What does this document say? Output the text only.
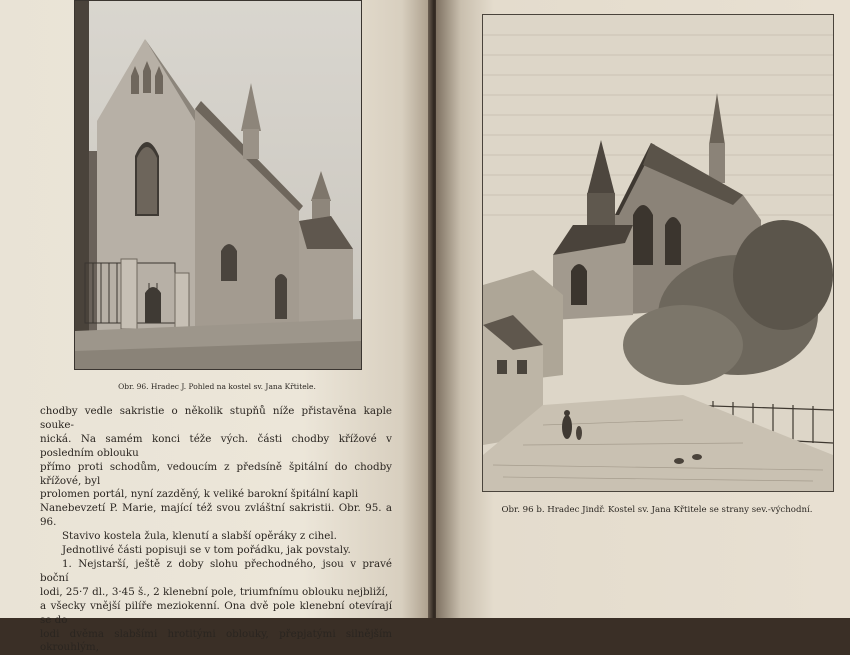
Obr. 96. Hradec J. Pohled na kostel sv. Jana Křtitele.

chodby vedle sakristie o několik stupňů níže přistavěna kaple souke-
nická. Na samém konci téže vých. části chodby křížové v posledním oblouku
přímo proti schodům, vedoucím z předsíně špitální do chodby křížové, byl
prolomen portál, nyní zazděný, k veliké barokní špitální kapli
Nanebevzetí P. Marie, mající též svou zvláštní sakristii. Obr. 95. a 96.

Stavivo kostela žula, klenutí a slabší opěráky z cihel.

Jednotlivé části popisuji se v tom pořádku, jak povstaly.

1. Nejstarší, ještě z doby slohu přechodného, jsou v pravé boční
lodi, 25·7 dl., 3·45 š., 2 klenební pole, triumfnímu oblouku nejbliží,
a všecky vnější pilíře meziokenní. Ona dvě pole klenební otevírají se do
lodi dvěma slabšími hrotitými oblouky, přepjatými silnějším okrouhlým,

Obr. 96 b. Hradec Jindř. Kostel sv. Jana Křtitele se strany sev.-východní.
